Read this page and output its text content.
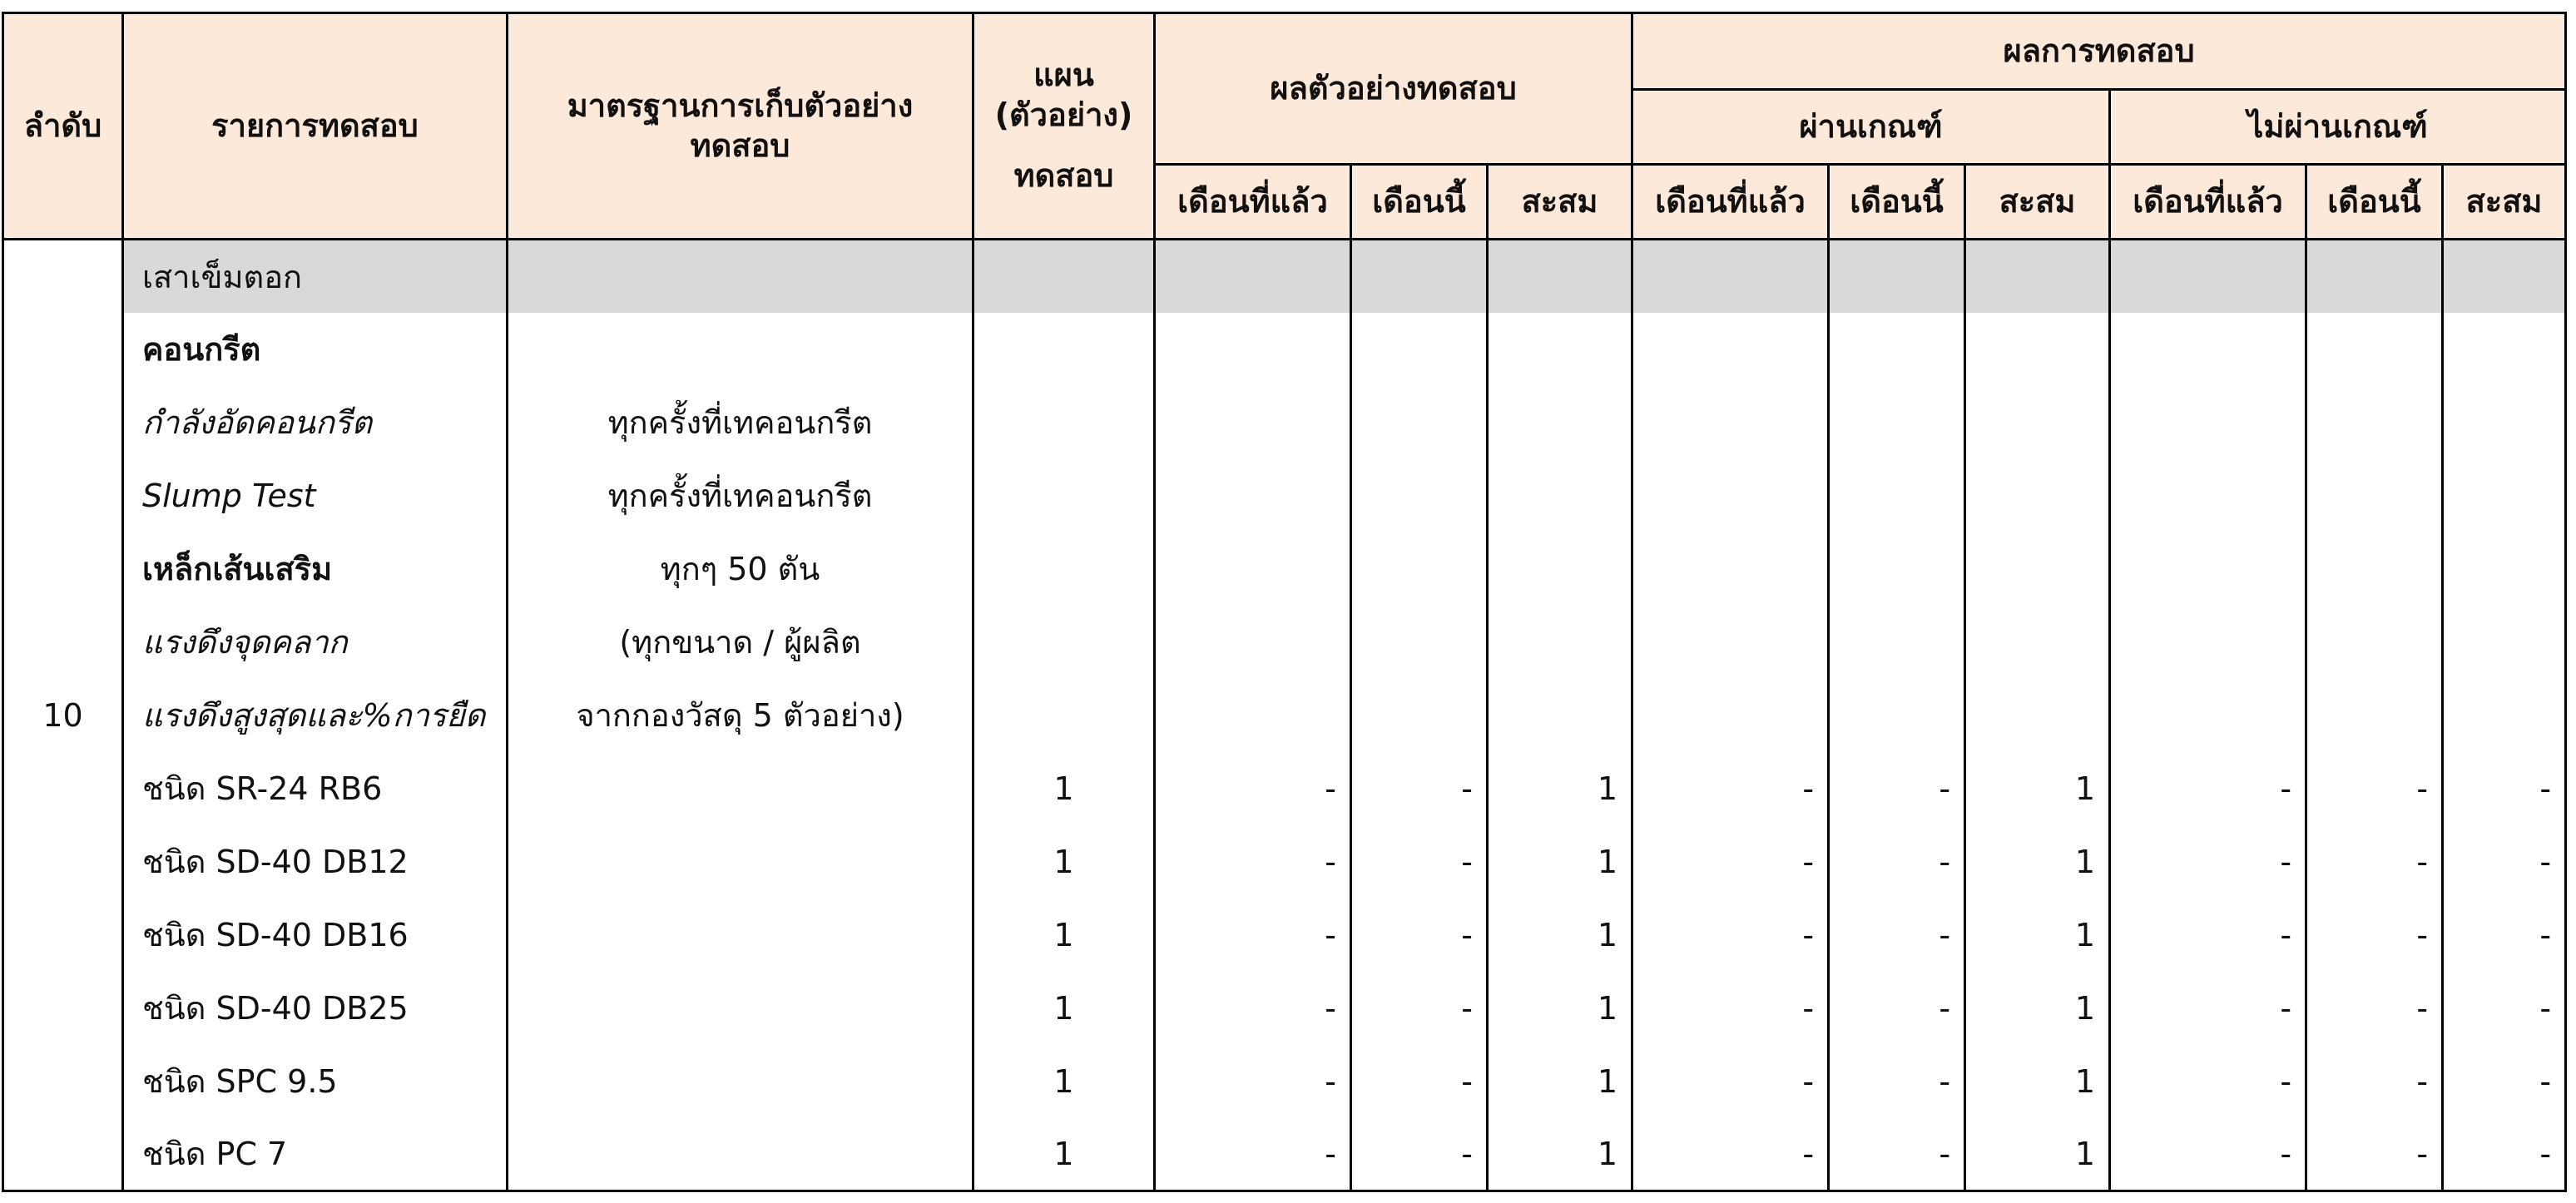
ลำดับ	รายการทดสอบ	มาตรฐานการเก็บตัวอย่างทดสอบ	แผน
(ตัวอย่าง)
ทดสอบ	ผลตัวอย่างทดสอบ			ผลการทดสอบ					
							ผ่านเกณฑ์			ไม่ผ่านเกณฑ์		
				เดือนที่แล้ว	เดือนนี้	สะสม	เดือนที่แล้ว	เดือนนี้	สะสม	เดือนที่แล้ว	เดือนนี้	สะสม
10	เสาเข็มตอก											
	คอนกรีต											
	กำลังอัดคอนกรีต	ทุกครั้งที่เทคอนกรีต										
	Slump Test	ทุกครั้งที่เทคอนกรีต										
	เหล็กเส้นเสริม	ทุกๆ 50 ตัน										
	แรงดึงจุดคลาก	(ทุกขนาด / ผู้ผลิต										
	แรงดึงสูงสุดและ%การยืด	จากกองวัสดุ 5 ตัวอย่าง)										
	ชนิด SR-24 RB6		1	-	-	1	-	-	1	-	-	-
	ชนิด SD-40 DB12		1	-	-	1	-	-	1	-	-	-
	ชนิด SD-40 DB16		1	-	-	1	-	-	1	-	-	-
	ชนิด SD-40 DB25		1	-	-	1	-	-	1	-	-	-
	ชนิด SPC 9.5		1	-	-	1	-	-	1	-	-	-
	ชนิด PC 7		1	-	-	1	-	-	1	-	-	-
